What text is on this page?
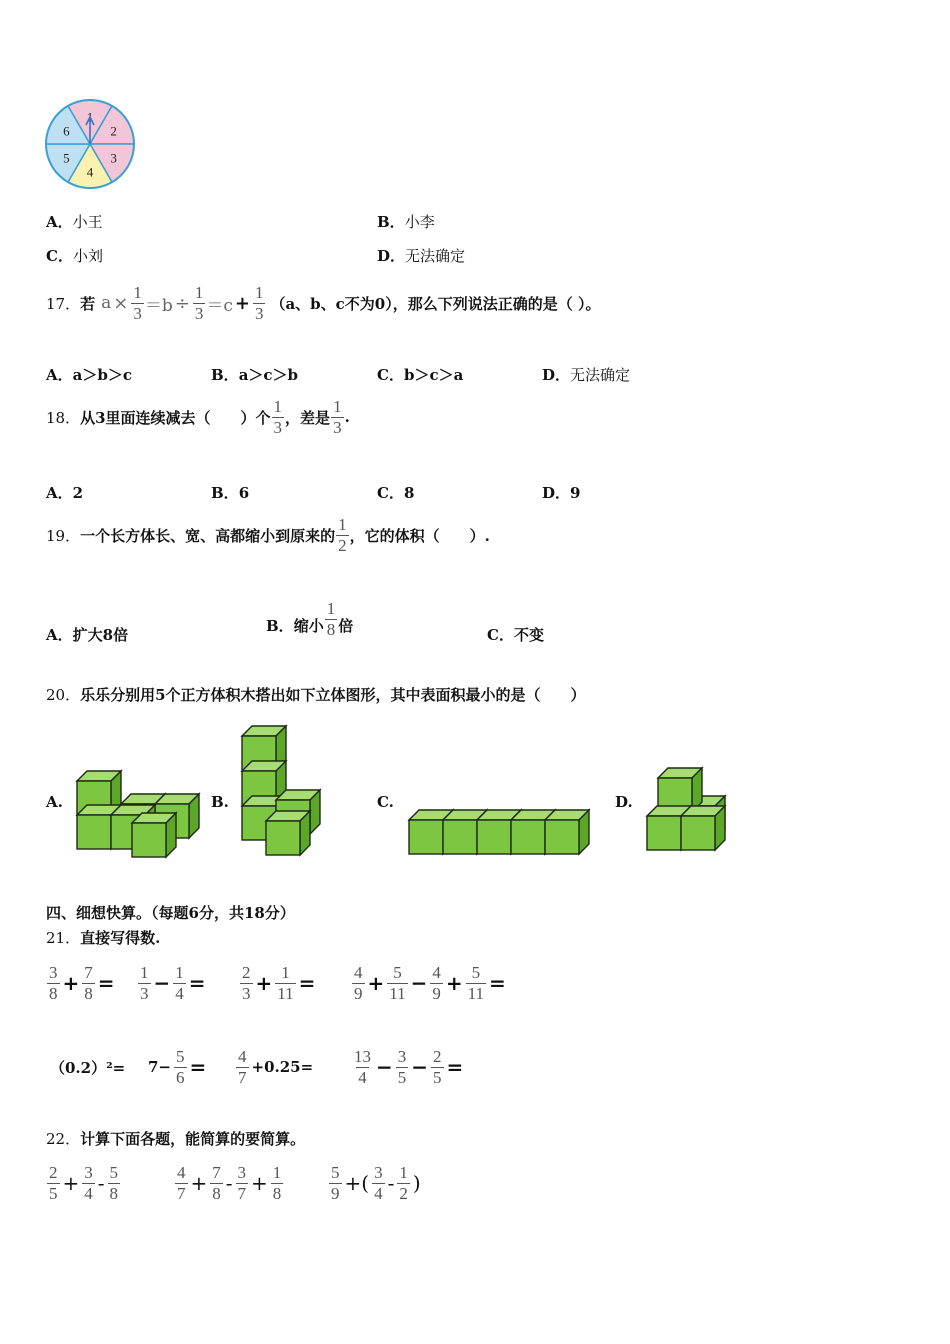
1
2
3
4
5
6
A．小王	B．小李
C．小刘	D．无法确定
17． 若 $a \times \frac{1}{3} =b \div \frac{1}{3} =c + \frac{1}{3} (a$、b、c不为0），那么下列说法正确的是（ ）。
A．a＞b＞c	B．a＞c＞b	C．b＞c＞a	D．无法确定
18． 从3里面连续减去（　　）个 $\frac{1}{3}$ ，差是 $\frac{1}{3}$ .
A．2	B．6	C．8	D．9
19． 一个长方体长、宽、高都缩小到原来的 $\frac{1}{2}$ ，它的体积（　　）.
A．扩大8倍
B． 缩小 $\frac{1}{8}$ 倍
C．不变
20．乐乐分别用5个正方体积木搭出如下立体图形，其中表面积最小的是（　　）
A.	B.	C.	D.
四、细想快算。（每题6分，共18分）
21．直接写得数.
$\frac{3}{8} + \frac{7}{8} = \frac{1}{3} - \frac{1}{4} = \frac{2}{3} + \frac{1}{11} = \frac{4}{9} + \frac{5}{11} - \frac{4}{9} + \frac{5}{11}$ =
$(0.2)^2= 7- \frac{5}{6} = \frac{4}{7} +0.25= \frac{13}{4} - \frac{3}{5} - \frac{2}{5}$ =
22．计算下面各题，能简算的要简算。
$\frac{2}{5} + \frac{3}{4} - \frac{5}{8}$	$\frac{4}{7} + \frac{7}{8} - \frac{3}{7} + \frac{1}{8}$	$\frac{5}{9}$ +( $\frac{3}{4} - \frac{1}{2}$ )
